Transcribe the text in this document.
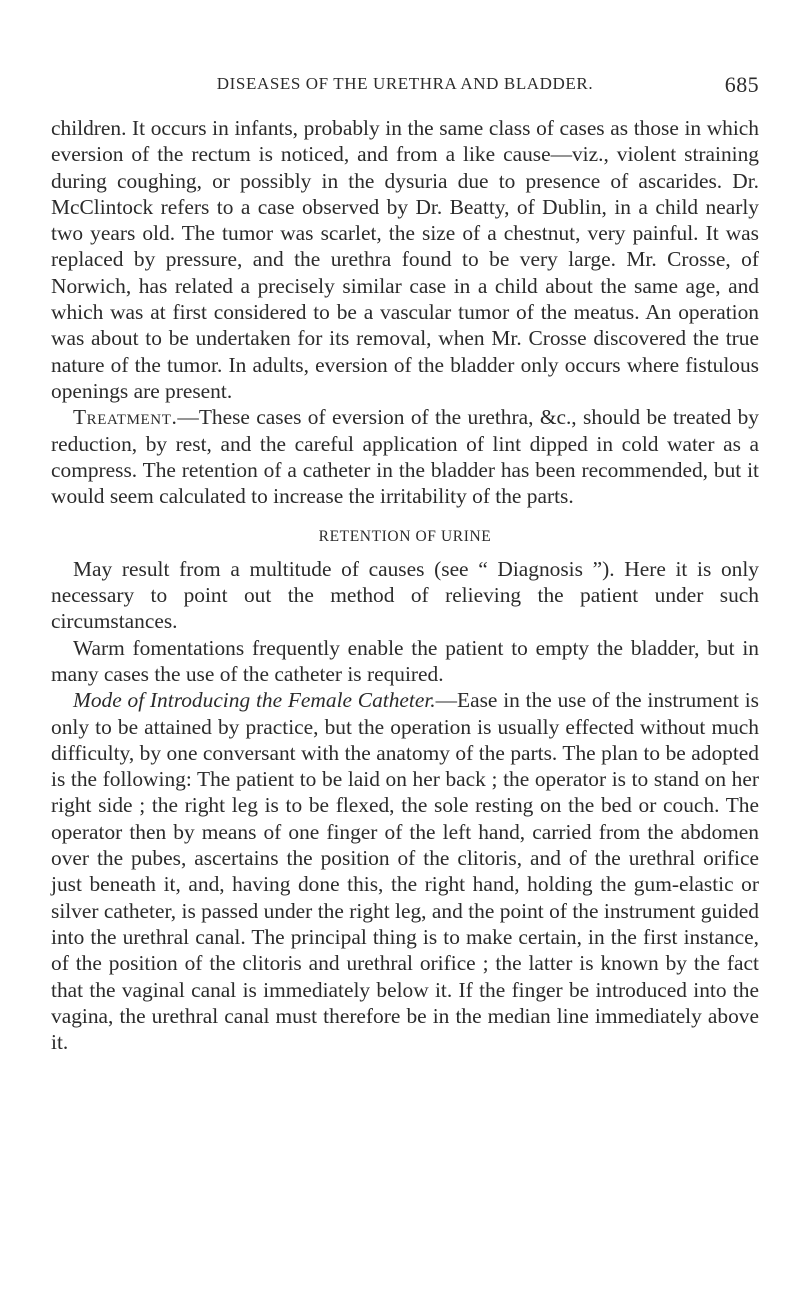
DISEASES OF THE URETHRA AND BLADDER.	685

children. It occurs in infants, probably in the same class of cases as those in which eversion of the rectum is noticed, and from a like cause—viz., violent straining during coughing, or possibly in the dysuria due to presence of ascarides. Dr. McClintock refers to a case observed by Dr. Beatty, of Dublin, in a child nearly two years old. The tumor was scarlet, the size of a chestnut, very painful. It was replaced by pressure, and the urethra found to be very large. Mr. Crosse, of Norwich, has related a precisely similar case in a child about the same age, and which was at first considered to be a vascular tumor of the meatus. An operation was about to be undertaken for its removal, when Mr. Crosse discovered the true nature of the tumor. In adults, eversion of the bladder only occurs where fistulous openings are present.

Treatment.—These cases of eversion of the urethra, &c., should be treated by reduction, by rest, and the careful application of lint dipped in cold water as a compress. The retention of a catheter in the bladder has been recommended, but it would seem calculated to increase the irritability of the parts.

RETENTION OF URINE

May result from a multitude of causes (see “ Diagnosis ”). Here it is only necessary to point out the method of relieving the patient under such circumstances.

Warm fomentations frequently enable the patient to empty the bladder, but in many cases the use of the catheter is required.

Mode of Introducing the Female Catheter.—Ease in the use of the instrument is only to be attained by practice, but the operation is usually effected without much difficulty, by one conversant with the anatomy of the parts. The plan to be adopted is the following: The patient to be laid on her back ; the operator is to stand on her right side ; the right leg is to be flexed, the sole resting on the bed or couch. The operator then by means of one finger of the left hand, carried from the abdomen over the pubes, ascertains the position of the clitoris, and of the urethral orifice just beneath it, and, having done this, the right hand, holding the gum-elastic or silver catheter, is passed under the right leg, and the point of the instrument guided into the urethral canal. The principal thing is to make certain, in the first instance, of the position of the clitoris and urethral orifice ; the latter is known by the fact that the vaginal canal is immediately below it. If the finger be introduced into the vagina, the urethral canal must therefore be in the median line immediately above it.
